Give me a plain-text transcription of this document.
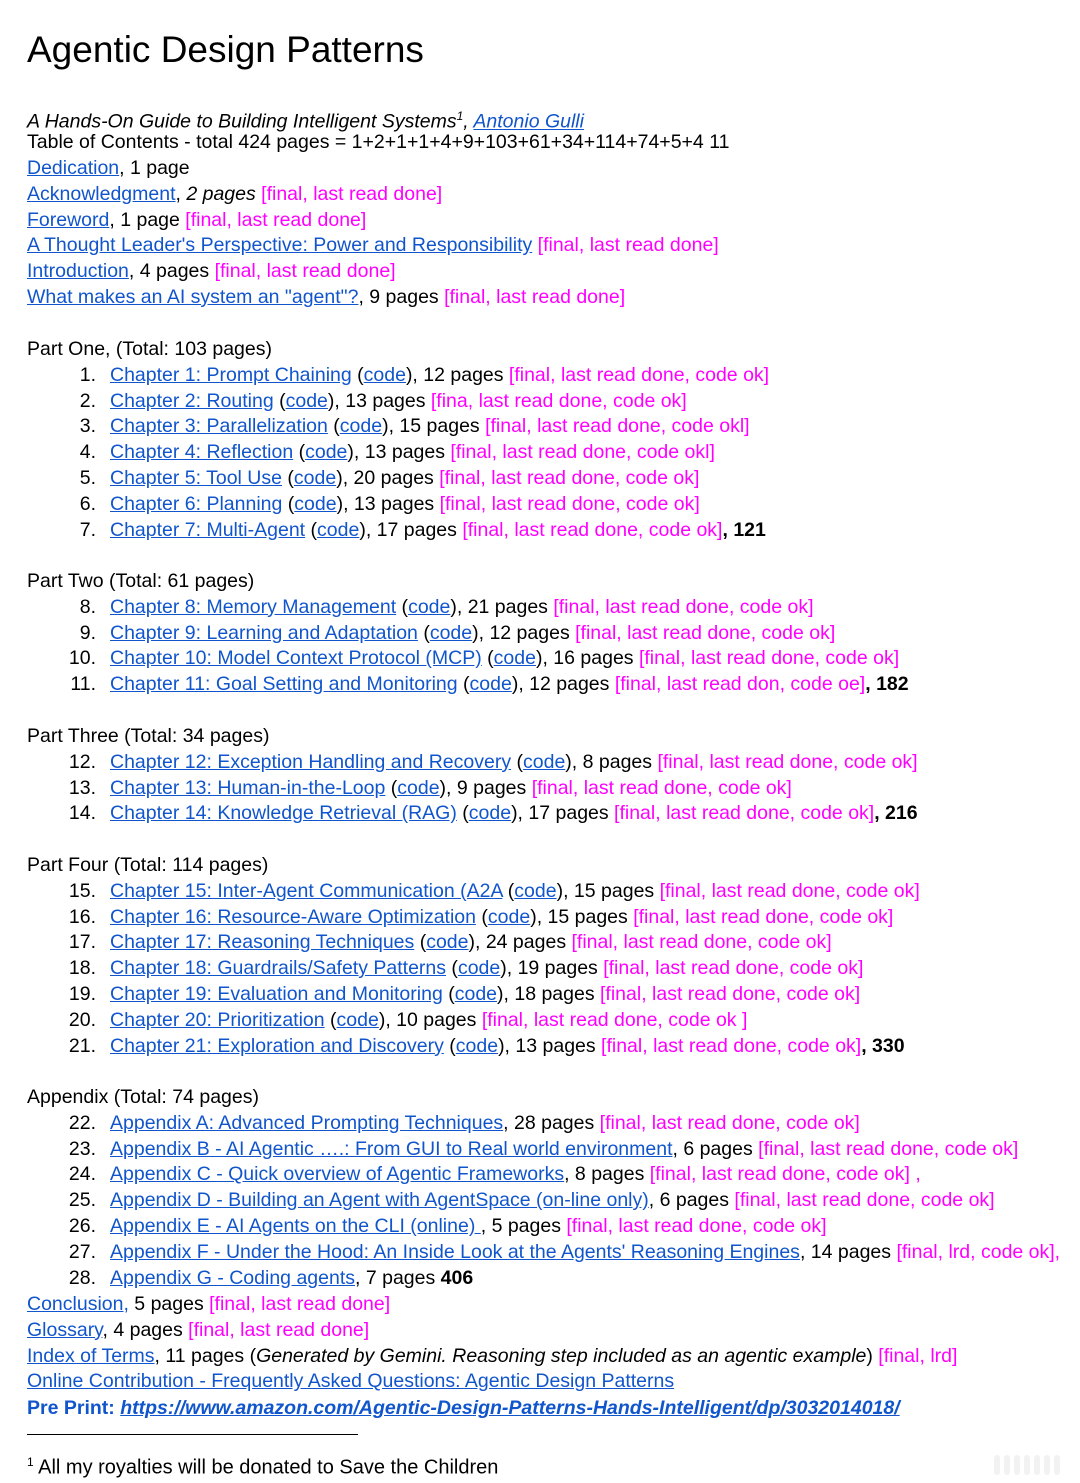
Agentic Design Patterns
A Hands-On Guide to Building Intelligent Systems$^1$, Antonio Gulli
Table of Contents - total 424 pages = 1+2+1+1+4+9+103+61+34+114+74+5+4 11
Dedication, 1 page
Acknowledgment, 2 pages [final, last read done]
Foreword, 1 page [final, last read done]
A Thought Leader's Perspective: Power and Responsibility [final, last read done]
Introduction, 4 pages [final, last read done]
What makes an AI system an "agent"?, 9 pages [final, last read done]
Part One, (Total: 103 pages)
1. Chapter 1: Prompt Chaining (code), 12 pages [final, last read done, code ok]
2. Chapter 2: Routing (code), 13 pages [fina, last read done, code ok]
3. Chapter 3: Parallelization (code), 15 pages [final, last read done, code okl]
4. Chapter 4: Reflection (code), 13 pages [final, last read done, code okl]
5. Chapter 5: Tool Use (code), 20 pages [final, last read done, code ok]
6. Chapter 6: Planning (code), 13 pages [final, last read done, code ok]
7. Chapter 7: Multi-Agent (code), 17 pages [final, last read done, code ok], 121
Part Two (Total: 61 pages)
8. Chapter 8: Memory Management (code), 21 pages [final, last read done, code ok]
9. Chapter 9: Learning and Adaptation (code), 12 pages [final, last read done, code ok]
10. Chapter 10: Model Context Protocol (MCP) (code), 16 pages [final, last read done, code ok]
11. Chapter 11: Goal Setting and Monitoring (code), 12 pages [final, last read don, code oe], 182
Part Three (Total: 34 pages)
12. Chapter 12: Exception Handling and Recovery (code), 8 pages [final, last read done, code ok]
13. Chapter 13: Human-in-the-Loop (code), 9 pages [final, last read done, code ok]
14. Chapter 14: Knowledge Retrieval (RAG) (code), 17 pages [final, last read done, code ok], 216
Part Four (Total: 114 pages)
15. Chapter 15: Inter-Agent Communication (A2A (code), 15 pages [final, last read done, code ok]
16. Chapter 16: Resource-Aware Optimization (code), 15 pages [final, last read done, code ok]
17. Chapter 17: Reasoning Techniques (code), 24 pages [final, last read done, code ok]
18. Chapter 18: Guardrails/Safety Patterns (code), 19 pages [final, last read done, code ok]
19. Chapter 19: Evaluation and Monitoring (code), 18 pages [final, last read done, code ok]
20. Chapter 20: Prioritization (code), 10 pages [final, last read done, code ok ]
21. Chapter 21: Exploration and Discovery (code), 13 pages [final, last read done, code ok], 330
Appendix (Total: 74 pages)
22. Appendix A: Advanced Prompting Techniques, 28 pages [final, last read done, code ok]
23. Appendix B - AI Agentic ….: From GUI to Real world environment, 6 pages [final, last read done, code ok]
24. Appendix C - Quick overview of Agentic Frameworks, 8 pages [final, last read done, code ok] ,
25. Appendix D - Building an Agent with AgentSpace (on-line only), 6 pages [final, last read done, code ok]
26. Appendix E - AI Agents on the CLI (online) , 5 pages [final, last read done, code ok]
27. Appendix F - Under the Hood: An Inside Look at the Agents' Reasoning Engines, 14 pages [final, lrd, code ok],
28. Appendix G - Coding agents, 7 pages 406
Conclusion, 5 pages [final, last read done]
Glossary, 4 pages [final, last read done]
Index of Terms, 11 pages (Generated by Gemini. Reasoning step included as an agentic example) [final, lrd]
Online Contribution - Frequently Asked Questions: Agentic Design Patterns
Pre Print: https://www.amazon.com/Agentic-Design-Patterns-Hands-Intelligent/dp/3032014018/
$^1$ All my royalties will be donated to Save the Children
